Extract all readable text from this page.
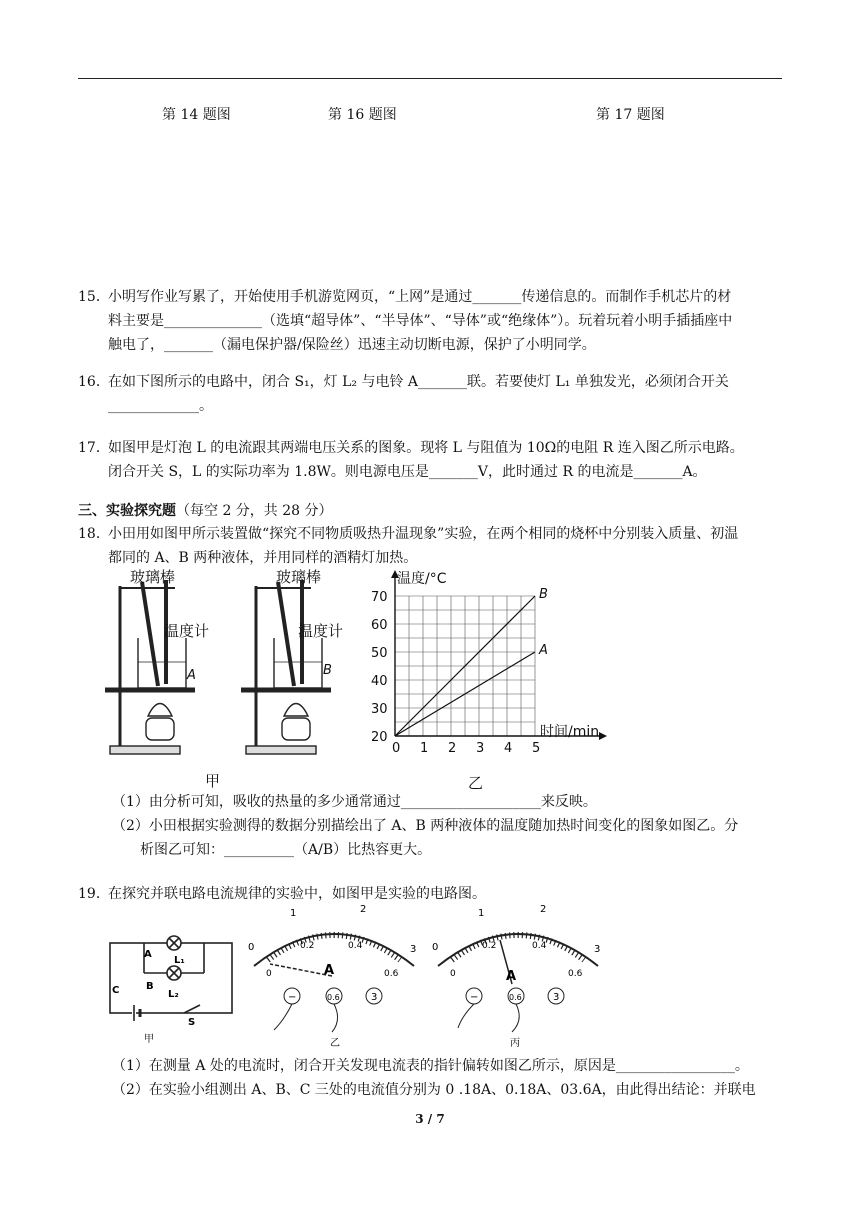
第 14 题图	第 16 题图	第 17 题图
15．小明写作业写累了，开始使用手机游览网页，“上网”是通过_______传递信息的。而制作手机芯片的材
料主要是______________（选填“超导体”、“半导体”、“导体”或“绝缘体”）。玩着玩着小明手插插座中
触电了，_______（漏电保护器/保险丝）迅速主动切断电源，保护了小明同学。
16．在如下图所示的电路中，闭合 S₁，灯 L₂ 与电铃 A_______联。若要使灯 L₁ 单独发光，必须闭合开关
_____________。
17．如图甲是灯泡 L 的电流跟其两端电压关系的图象。现将 L 与阻值为 10Ω的电阻 R 连入图乙所示电路。
闭合开关 S，L 的实际功率为 1.8W。则电源电压是_______V，此时通过 R 的电流是_______A。
三、实验探究题（每空 2 分，共 28 分）
18．小田用如图甲所示装置做“探究不同物质吸热升温现象”实验，在两个相同的烧杯中分别装入质量、初温
都同的 A、B 两种液体，并用同样的酒精灯加热。
玻璃棒
温度计
A
玻璃棒
温度计
B
甲
0 1 2 3 4 5
20
30
40
50
60
70	B
A
温度/°C
时间/min
乙
（1）由分析可知，吸收的热量的多少通常通过____________________来反映。
（2）小田根据实验测得的数据分别描绘出了 A、B 两种液体的温度随加热时间变化的图象如图乙。分
析图乙可知：__________（A/B）比热容更大。
19．在探究并联电路电流规律的实验中，如图甲是实验的电路图。
A
L₁
B
L₂
C
S
甲
1	2
0	3
0
0.2	0.4
0.6
A
−	0.6	3
乙
1	2
0	3
0
0.2	0.4
0.6
A
−	0.6	3
丙
（1）在测量 A 处的电流时，闭合开关发现电流表的指针偏转如图乙所示，原因是_________________。
（2）在实验小组测出 A、B、C 三处的电流值分别为 0 .18A、0.18A、03.6A，由此得出结论：并联电
3 / 7
